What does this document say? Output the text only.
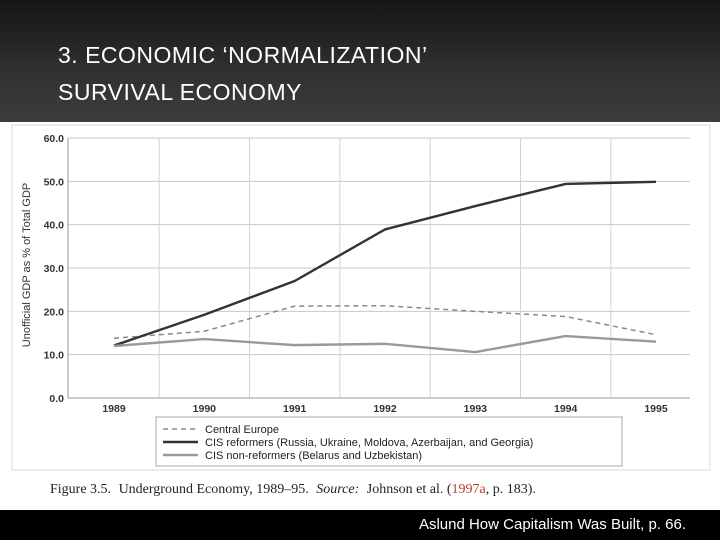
3. ECONOMIC ‘NORMALIZATION’
SURVIVAL ECONOMY
0.0
10.0
20.0
30.0
40.0
50.0
60.0
1989	1990	1991	1992	1993	1994	1995
Unofficial GDP as % of Total GDP
Central Europe
CIS reformers (Russia, Ukraine, Moldova, Azerbaijan, and Georgia)
CIS non-reformers (Belarus and Uzbekistan)
Figure 3.5. Underground Economy, 1989–95. Source: Johnson et al. (1997a, p. 183).
Aslund How Capitalism Was Built, p. 66.
